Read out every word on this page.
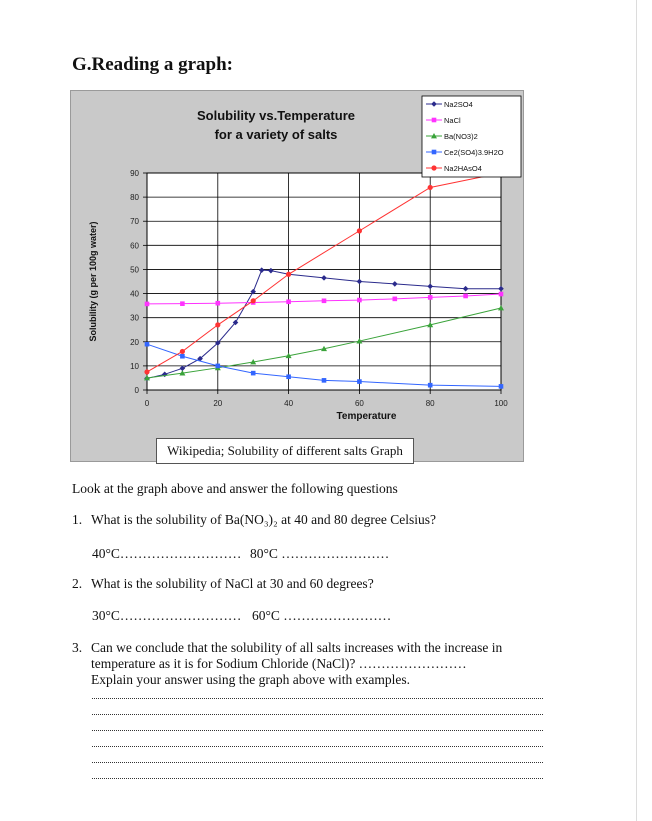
G.Reading a graph:
0
10
20
30
40
50
60
70
80
90
0	20	40	60	80	100
Solubility vs.Temperature
for a variety of salts
Temperature
Solubility (g per 100g water)
Na2SO4
NaCl
Ba(NO3)2
Ce2(SO4)3.9H2O
Na2HAsO4
Wikipedia; Solubility of different salts Graph
Look at the graph above and answer the following questions
1. What is the solubility of Ba(NO₃)₂ at 40 and 80 degree Celsius?
40°C……………………… 80°C ……………………
2. What is the solubility of NaCl at 30 and 60 degrees?
30°C……………………… 60°C ……………………
3. Can we conclude that the solubility of all salts increases with the increase in
temperature as it is for Sodium Chloride (NaCl)? ……………………
Explain your answer using the graph above with examples.
